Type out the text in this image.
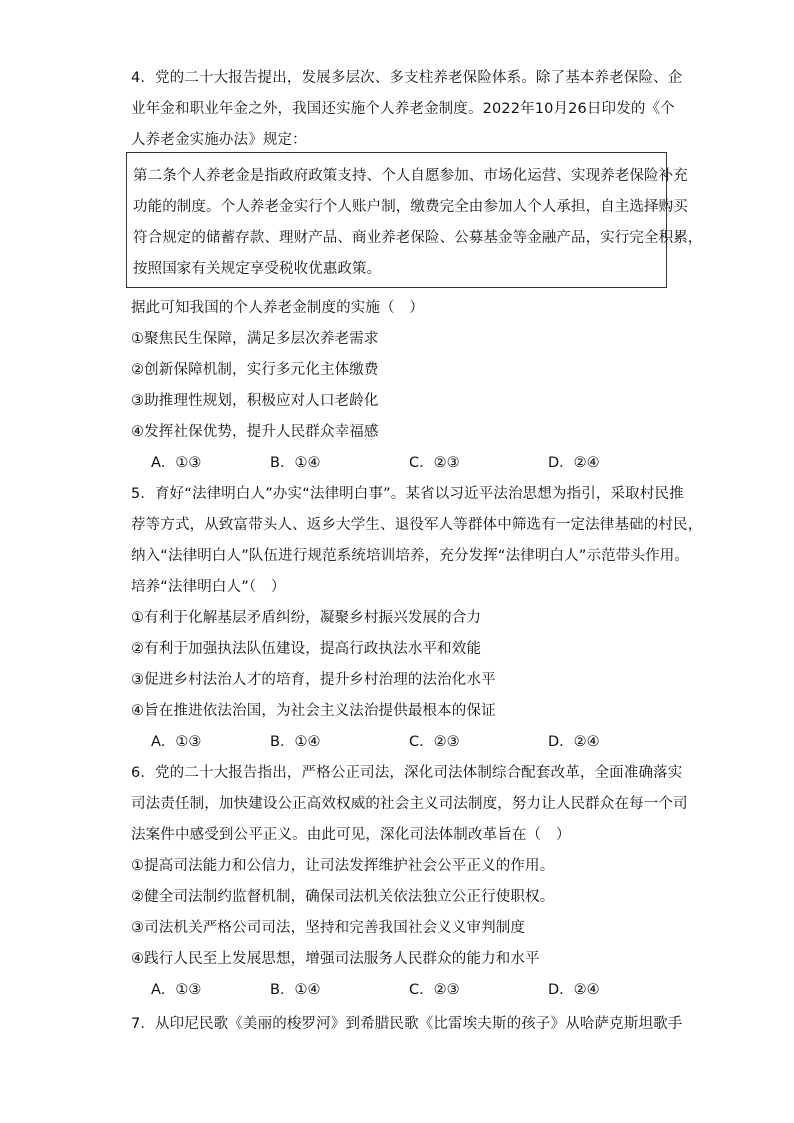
4．党的二十大报告提出，发展多层次、多支柱养老保险体系。除了基本养老保险、企
业年金和职业年金之外，我国还实施个人养老金制度。2022年10月26日印发的《个
人养老金实施办法》规定：
第二条个人养老金是指政府政策支持、个人自愿参加、市场化运营、实现养老保险补充
功能的制度。个人养老金实行个人账户制，缴费完全由参加人个人承担，自主选择购买
符合规定的储蓄存款、理财产品、商业养老保险、公募基金等金融产品，实行完全积累，
按照国家有关规定享受税收优惠政策。
据此可知我国的个人养老金制度的实施（　）
①聚焦民生保障，满足多层次养老需求
②创新保障机制，实行多元化主体缴费
③助推理性规划，积极应对人口老龄化
④发挥社保优势，提升人民群众幸福感
A．①③	B．①④	C．②③	D．②④
5．育好“法律明白人”办实“法律明白事”。某省以习近平法治思想为指引，采取村民推
荐等方式，从致富带头人、返乡大学生、退役军人等群体中筛选有一定法律基础的村民，
纳入“法律明白人”队伍进行规范系统培训培养，充分发挥“法律明白人”示范带头作用。
培养“法律明白人”（　）
①有利于化解基层矛盾纠纷，凝聚乡村振兴发展的合力
②有利于加强执法队伍建设，提高行政执法水平和效能
③促进乡村法治人才的培育，提升乡村治理的法治化水平
④旨在推进依法治国，为社会主义法治提供最根本的保证
A．①③	B．①④	C．②③	D．②④
6．党的二十大报告指出，严格公正司法，深化司法体制综合配套改革，全面准确落实
司法责任制，加快建设公正高效权威的社会主义司法制度，努力让人民群众在每一个司
法案件中感受到公平正义。由此可见，深化司法体制改革旨在（　）
①提高司法能力和公信力，让司法发挥维护社会公平正义的作用。
②健全司法制约监督机制，确保司法机关依法独立公正行使职权。
③司法机关严格公司司法，坚持和完善我国社会义义审判制度
④践行人民至上发展思想，增强司法服务人民群众的能力和水平
A．①③	B．①④	C．②③	D．②④
7．从印尼民歌《美丽的梭罗河》到希腊民歌《比雷埃夫斯的孩子》从哈萨克斯坦歌手
